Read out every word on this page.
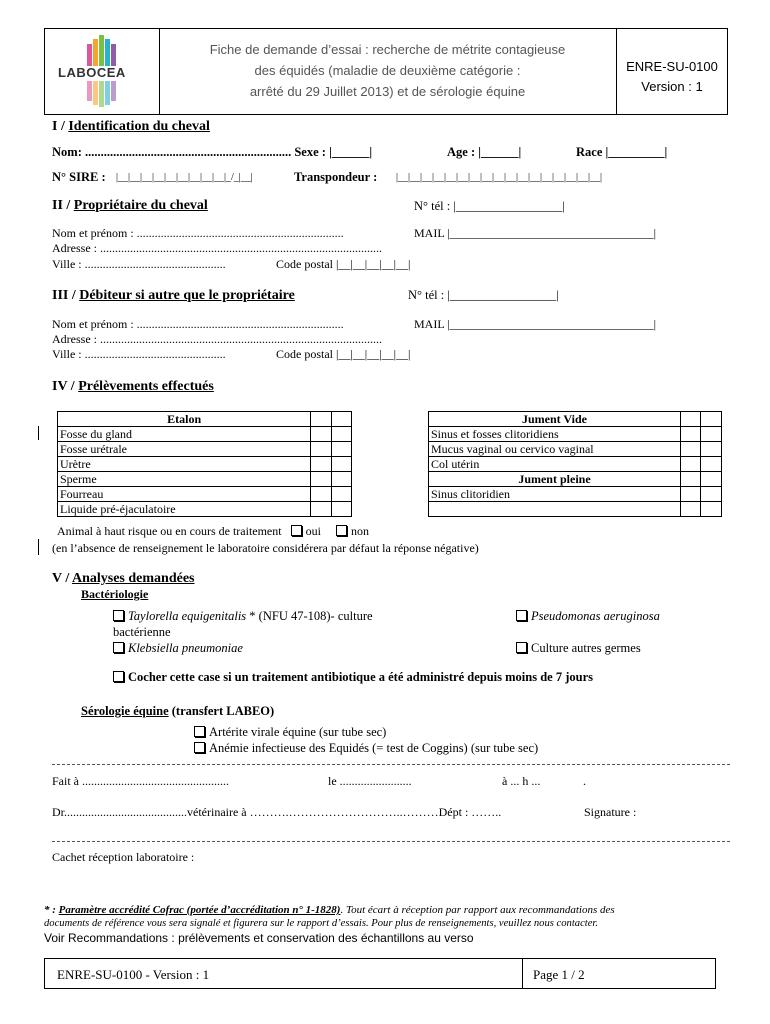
LABOCEA
Fiche de demande d’essai : recherche de métrite contagieuse
des équidés (maladie de deuxième catégorie :
arrêté du 29 Juillet 2013) et de sérologie équine
ENRE-SU-0100
Version : 1
I / Identification du cheval
Nom: .................................................................. Sexe : |______|	Age : |______|	Race |_________|
N° SIRE : |__|__|__|__|__|__|__|__|__|_/_|__|	Transpondeur : |__|__|__|__|__|__|__|__|__|__|__|__|__|__|__|__|__|
II / Propriétaire du cheval	N° tél : |_________________|
Nom et prénom : .....................................................................	MAIL |__________________________________|
Adresse : ..............................................................................................
Ville : ...............................................	Code postal |__|__|__|__|__|
III / Débiteur si autre que le propriétaire	N° tél : |_________________|
Nom et prénom : .....................................................................	MAIL |__________________________________|
Adresse : ..............................................................................................
Ville : ...............................................	Code postal |__|__|__|__|__|
IV / Prélèvements effectués
Etalon		
Fosse du gland		
Fosse urétrale		
Urètre		
Sperme		
Fourreau		
Liquide pré-éjaculatoire		
Jument Vide		
Sinus et fosses clitoridiens		
Mucus vaginal ou cervico vaginal		
Col utérin		
Jument pleine		
Sinus clitoridien		

Animal à haut risque ou en cours de traitement oui	non
(en l’absence de renseignement le laboratoire considérera par défaut la réponse négative)
V / Analyses demandées
Bactériologie
Taylorella equigenitalis * (NFU 47-108)- culture
bactérienne
Klebsiella pneumoniae
Pseudomonas aeruginosa
Culture autres germes
Cocher cette case si un traitement antibiotique a été administré depuis moins de 7 jours
Sérologie équine (transfert LABEO)
Artérite virale équine (sur tube sec)
Anémie infectieuse des Equidés (= test de Coggins) (sur tube sec)
Fait à .................................................	le ........................	à ... h ...	.
Dr.........................................vétérinaire à ……….………………………..………Dépt : ……..	Signature :
Cachet réception laboratoire :
* : Paramètre accrédité Cofrac (portée d’accréditation n° 1-1828). Tout écart à réception par rapport aux recommandations des
documents de référence vous sera signalé et figurera sur le rapport d’essais. Pour plus de renseignements, veuillez nous contacter.
Voir Recommandations : prélèvements et conservation des échantillons au verso
ENRE-SU-0100 - Version : 1	Page 1 / 2
